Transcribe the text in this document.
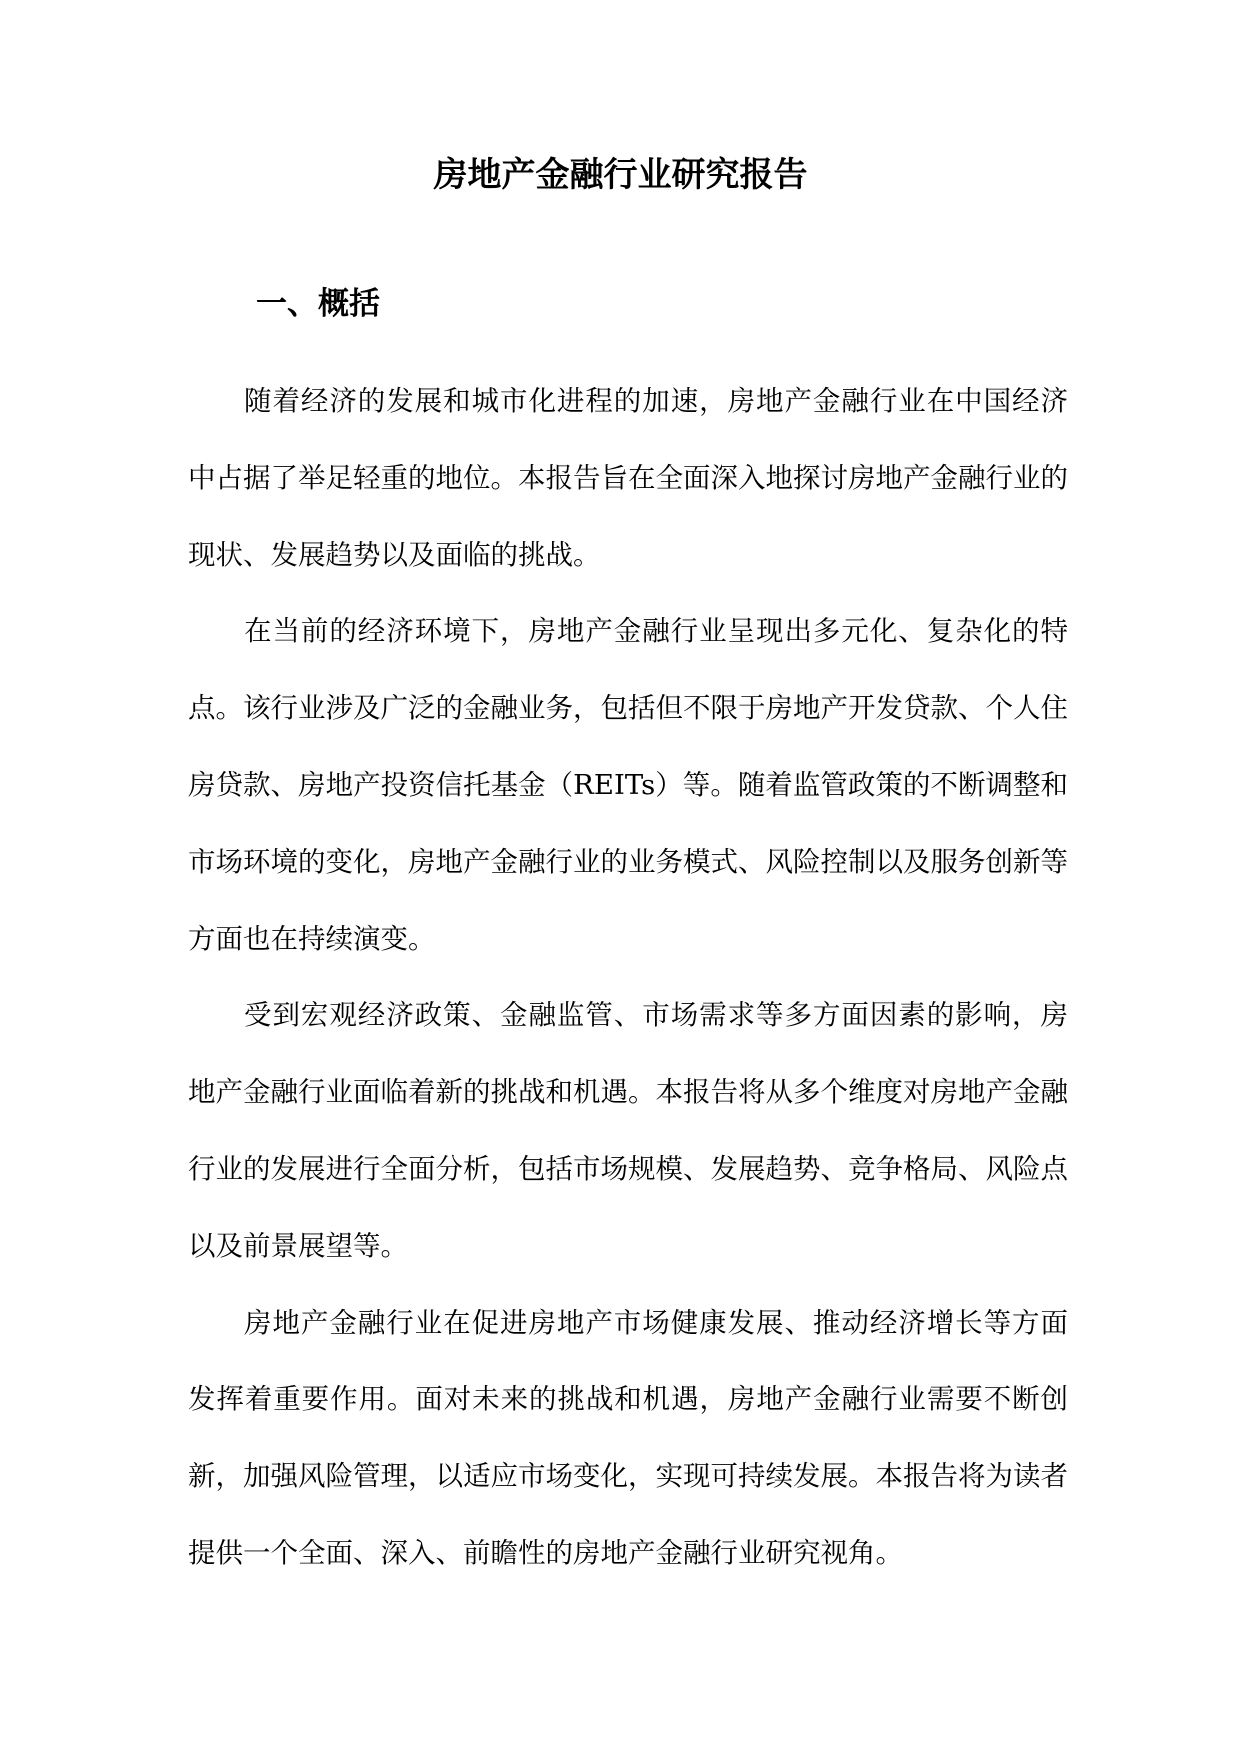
房地产金融行业研究报告
一、概括

随着经济的发展和城市化进程的加速，房地产金融行业在中国经济中占据了举足轻重的地位。本报告旨在全面深入地探讨房地产金融行业的现状、发展趋势以及面临的挑战。

在当前的经济环境下，房地产金融行业呈现出多元化、复杂化的特点。该行业涉及广泛的金融业务，包括但不限于房地产开发贷款、个人住房贷款、房地产投资信托基金（REITs）等。随着监管政策的不断调整和市场环境的变化，房地产金融行业的业务模式、风险控制以及服务创新等方面也在持续演变。

受到宏观经济政策、金融监管、市场需求等多方面因素的影响，房地产金融行业面临着新的挑战和机遇。本报告将从多个维度对房地产金融行业的发展进行全面分析，包括市场规模、发展趋势、竞争格局、风险点以及前景展望等。

房地产金融行业在促进房地产市场健康发展、推动经济增长等方面发挥着重要作用。面对未来的挑战和机遇，房地产金融行业需要不断创新，加强风险管理，以适应市场变化，实现可持续发展。本报告将为读者提供一个全面、深入、前瞻性的房地产金融行业研究视角。
